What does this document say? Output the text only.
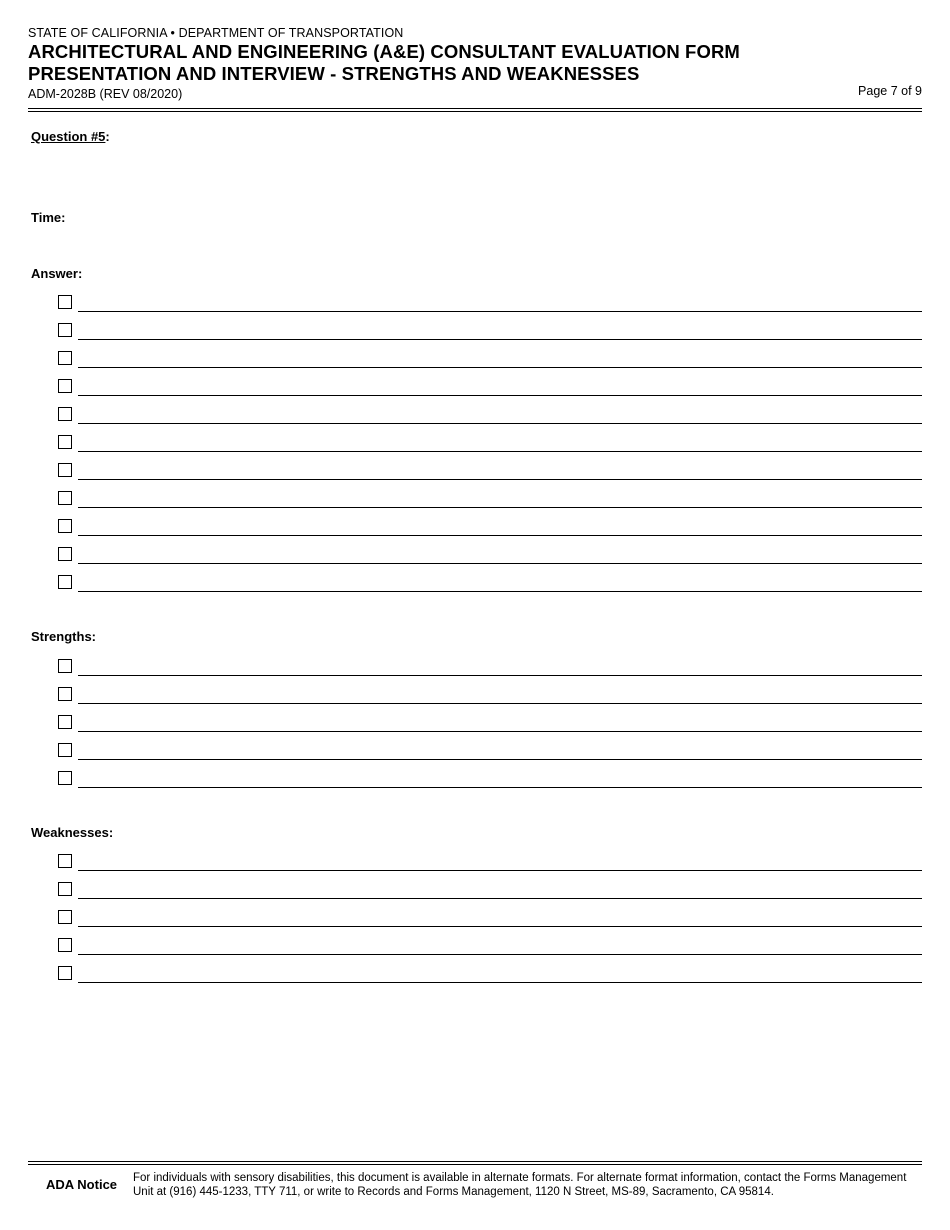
STATE OF CALIFORNIA • DEPARTMENT OF TRANSPORTATION
ARCHITECTURAL AND ENGINEERING (A&E) CONSULTANT EVALUATION FORM
PRESENTATION AND INTERVIEW - STRENGTHS AND WEAKNESSES
ADM-2028B (REV 08/2020)	Page 7 of 9
Question #5:
Time:
Answer:
Strengths:
Weaknesses:
ADA Notice For individuals with sensory disabilities, this document is available in alternate formats. For alternate format information, contact the Forms Management Unit at (916) 445-1233, TTY 711, or write to Records and Forms Management, 1120 N Street, MS-89, Sacramento, CA 95814.
